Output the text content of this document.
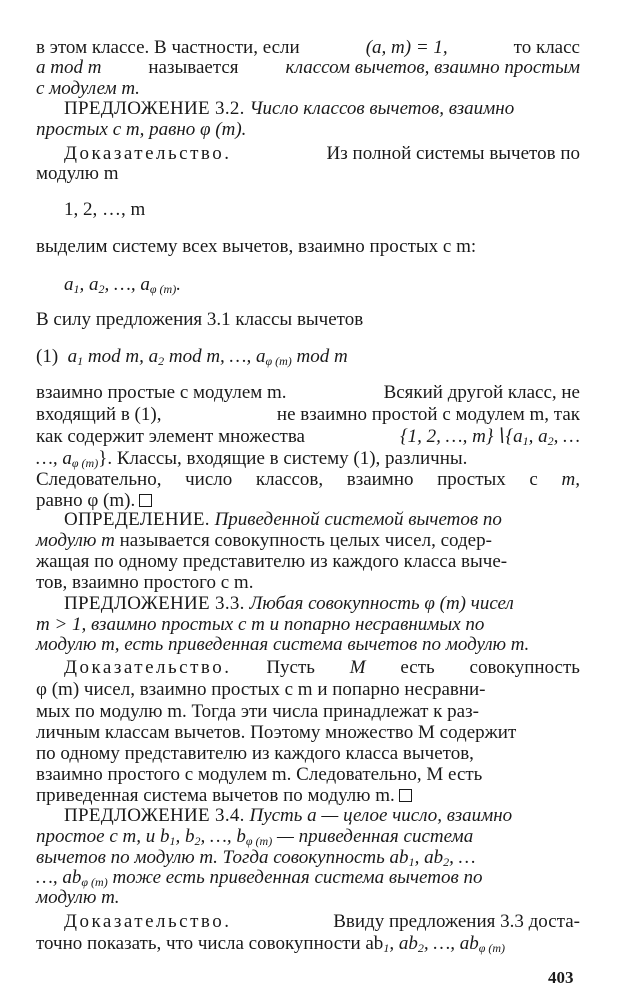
в этом классе. В частности, если	(a, m) = 1,	то класс
a mod m называется классом вычетов, взаимно простым
с модулем m.
ПРЕДЛОЖЕНИЕ 3.2. Число классов вычетов, взаимно
простых с m, равно φ (m).
Доказательство.	Из полной системы вычетов по
модулю m
1, 2, …, m
выделим систему всех вычетов, взаимно простых с m:
$a_1$, $a_2$, …, $a_{\varphi (m)}$.
В силу предложения 3.1 классы вычетов
(1) $a_1$ mod m, $a_2$ mod m, …, $a_{\varphi (m)}$ mod m
взаимно простые с модулем m.	Всякий другой класс, не
входящий в (1),	не взаимно простой с модулем m, так
как содержит элемент множества	{1, 2, …, $m\}∖\{a_1$, $a_2$, …
…, $a_{\varphi (m)}$}. Классы, входящие в систему (1), различны.
Следовательно, число классов, взаимно простых с m,
равно φ (m).
ОПРЕДЕЛЕНИЕ. Приведенной системой вычетов по
модулю m называется совокупность целых чисел, содер-
жащая по одному представителю из каждого класса выче-
тов, взаимно простого с m.
ПРЕДЛОЖЕНИЕ 3.3. Любая совокупность φ (m) чисел
m > 1, взаимно простых с m и попарно несравнимых по
модулю m, есть приведенная система вычетов по модулю m.
Доказательство. Пусть M есть совокупность
φ (m) чисел, взаимно простых с m и попарно несравни-
мых по модулю m. Тогда эти числа принадлежат к раз-
личным классам вычетов. Поэтому множество M содержит
по одному представителю из каждого класса вычетов,
взаимно простого с модулем m. Следовательно, M есть
приведенная система вычетов по модулю m.
ПРЕДЛОЖЕНИЕ 3.4. Пусть a — целое число, взаимно
простое с m, и $b_1$, $b_2$, …, $b_{\varphi (m)}$ — приведенная система
вычетов по модулю m. Тогда совокупность $ab_1$, $ab_2$, …
…, $ab_{\varphi (m)}$ тоже есть приведенная система вычетов по
модулю m.
Доказательство.	Ввиду предложения 3.3 доста-
точно показать, что числа совокупности $ab_1$, $ab_2$, …, $ab_{\varphi (m)}$
403
